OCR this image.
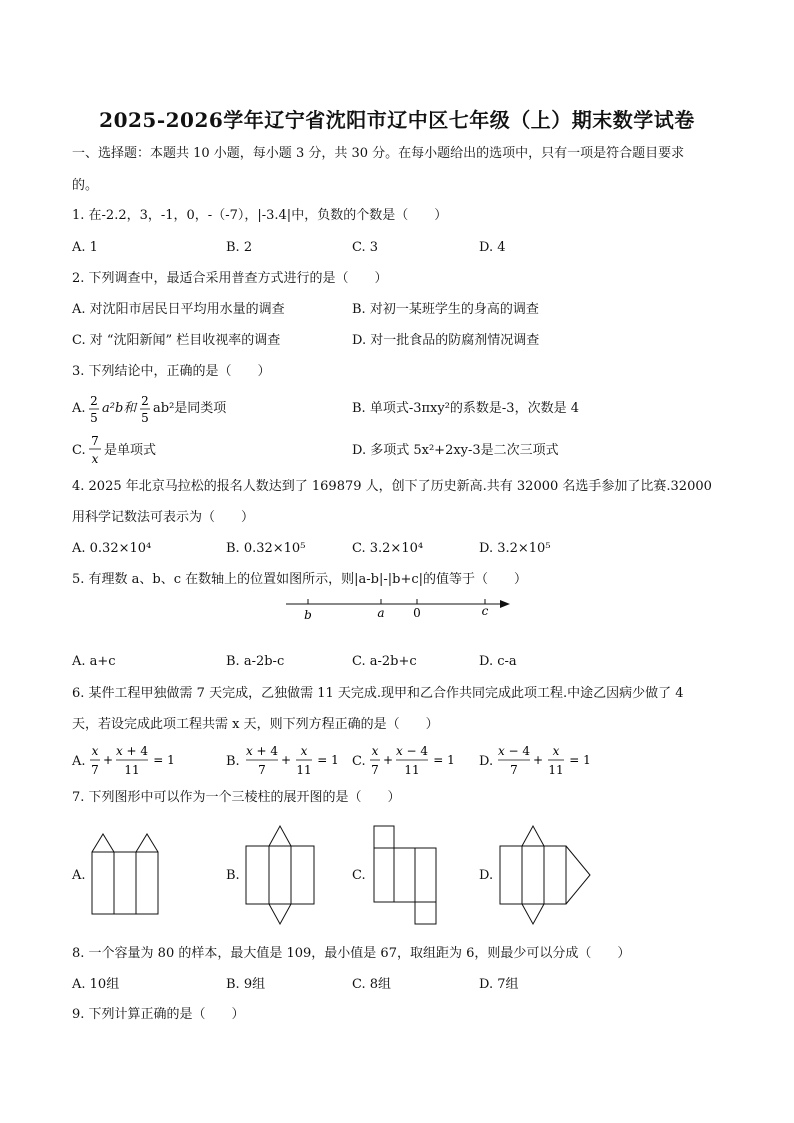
2025-2026学年辽宁省沈阳市辽中区七年级（上）期末数学试卷
一、选择题：本题共 10 小题，每小题 3 分，共 30 分。在每小题给出的选项中，只有一项是符合题目要求
的。
1. 在-2.2，3，-1，0，-（-7），|-3.4|中，负数的个数是（　　）
A. 1	B. 2	C. 3	D. 4
2. 下列调查中，最适合采用普查方式进行的是（　　）
A. 对沈阳市居民日平均用水量的调查	B. 对初一某班学生的身高的调查
C. 对 “沈阳新闻” 栏目收视率的调查	D. 对一批食品的防腐剂情况调查
3. 下列结论中，正确的是（　　）
A. 2
5
a²b和 2
5
ab²是同类项	B. 单项式-3πxy²的系数是-3，次数是 4
C.
7
x
是单项式	D. 多项式 5x²+2xy-3是二次三项式
4. 2025 年北京马拉松的报名人数达到了 169879 人，创下了历史新高.共有 32000 名选手参加了比赛.32000
用科学记数法可表示为（　　）
A. 0.32×10⁴	B. 0.32×10⁵	C. 3.2×10⁴	D. 3.2×10⁵
5. 有理数 a、b、c 在数轴上的位置如图所示，则|a-b|-|b+c|的值等于（　　）
b	a 0	c
A. a+c	B. a-2b-c	C. a-2b+c	D. c-a
6. 某件工程甲独做需 7 天完成，乙独做需 11 天完成.现甲和乙合作共同完成此项工程.中途乙因病少做了 4
天，若设完成此项工程共需 x 天，则下列方程正确的是（　　）
A.
x
7
+
x + 4
11
= 1	B.
x + 4
7
+
x
11
= 1 C.
x
7
+
x − 4
11
= 1 D.
x − 4
7
+
x
11
= 1
7. 下列图形中可以作为一个三棱柱的展开图的是（　　）
A.	B.	C.	D.
8. 一个容量为 80 的样本，最大值是 109，最小值是 67，取组距为 6，则最少可以分成（　　）
A. 10组	B. 9组	C. 8组	D. 7组
9. 下列计算正确的是（　　）
